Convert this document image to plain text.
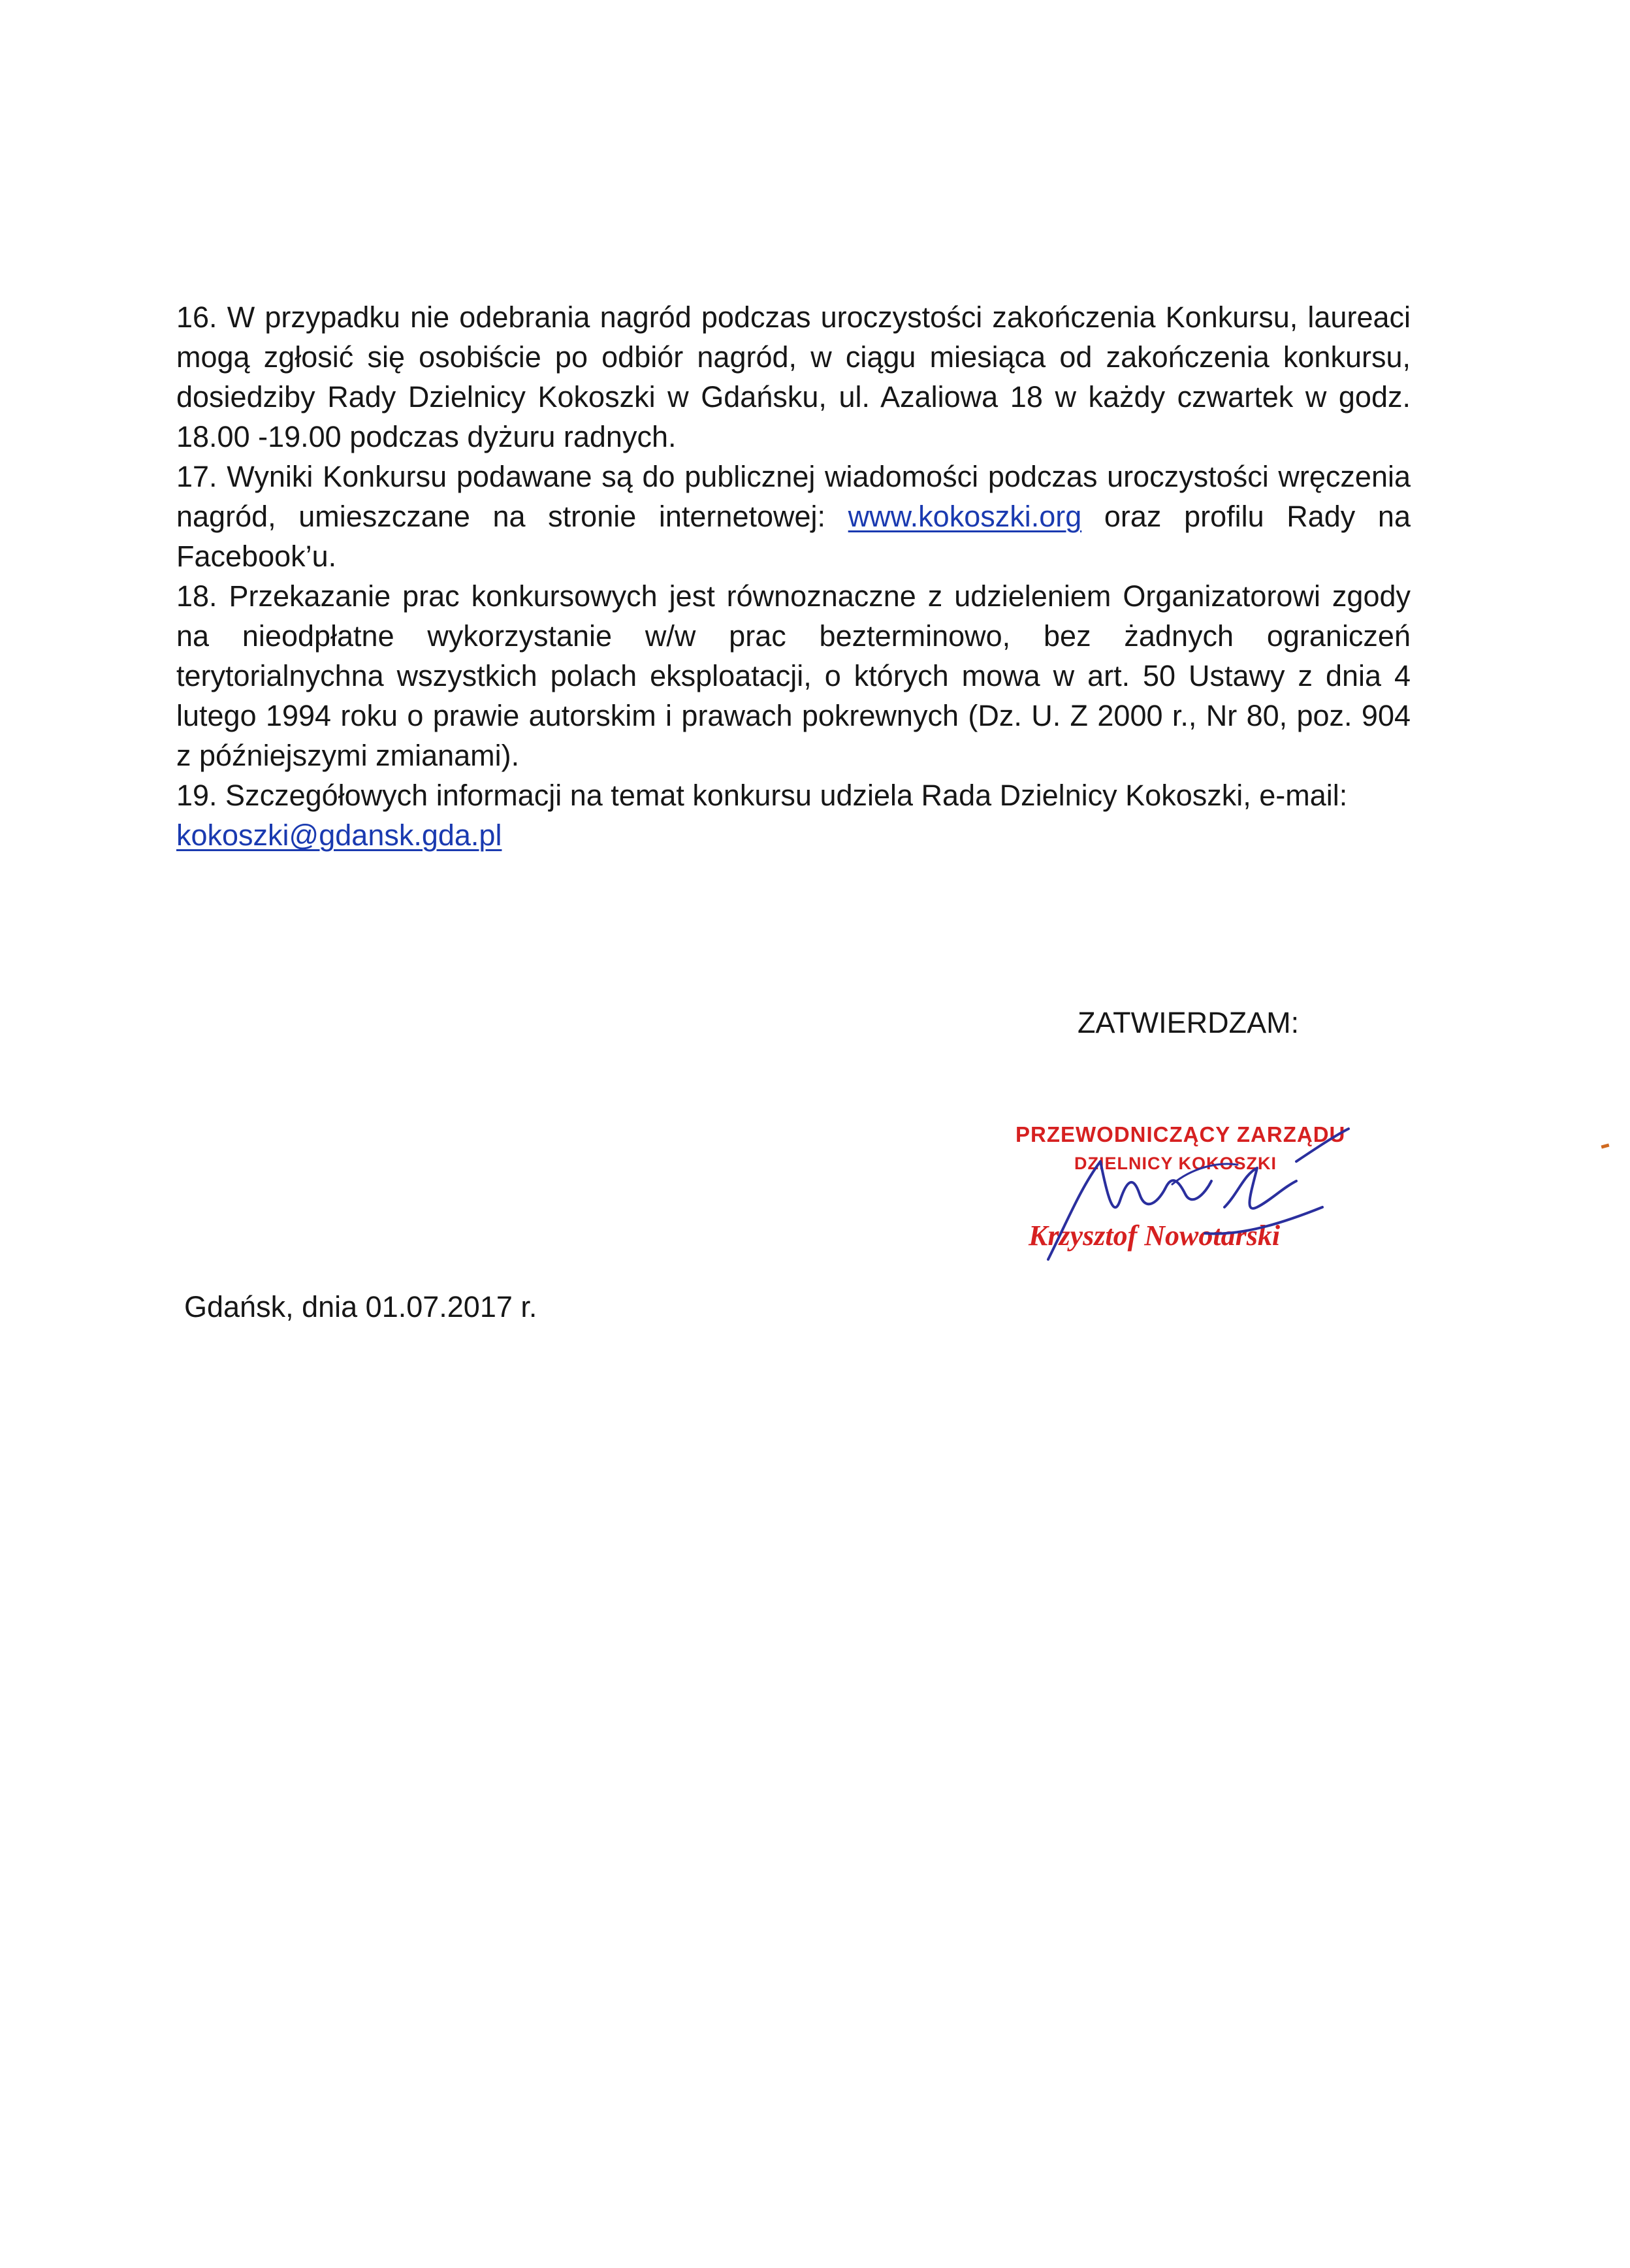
16. W przypadku nie odebrania nagród podczas uroczystości zakończenia Konkursu, laureaci mogą zgłosić się osobiście po odbiór nagród, w ciągu miesiąca od zakończenia konkursu, dosiedziby Rady Dzielnicy Kokoszki w Gdańsku, ul. Azaliowa 18 w każdy czwartek w godz. 18.00 -19.00 podczas dyżuru radnych.

17. Wyniki Konkursu podawane są do publicznej wiadomości podczas uroczystości wręczenia nagród, umieszczane na stronie internetowej: www.kokoszki.org oraz profilu Rady na Facebook’u.

18. Przekazanie prac konkursowych jest równoznaczne z udzieleniem Organizatorowi zgody na nieodpłatne wykorzystanie w/w prac bezterminowo, bez żadnych ograniczeń terytorialnychna wszystkich polach eksploatacji, o których mowa w art. 50 Ustawy z dnia 4 lutego 1994 roku o prawie autorskim i prawach pokrewnych (Dz. U. Z 2000 r., Nr 80, poz. 904 z późniejszymi zmianami).

19. Szczegółowych informacji na temat konkursu udziela Rada Dzielnicy Kokoszki, e-mail:
kokoszki@gdansk.gda.pl

ZATWIERDZAM:
PRZEWODNICZĄCY ZARZĄDU
DZIELNICY KOKOSZKI
Krzysztof Nowotarski
Gdańsk, dnia 01.07.2017 r.
